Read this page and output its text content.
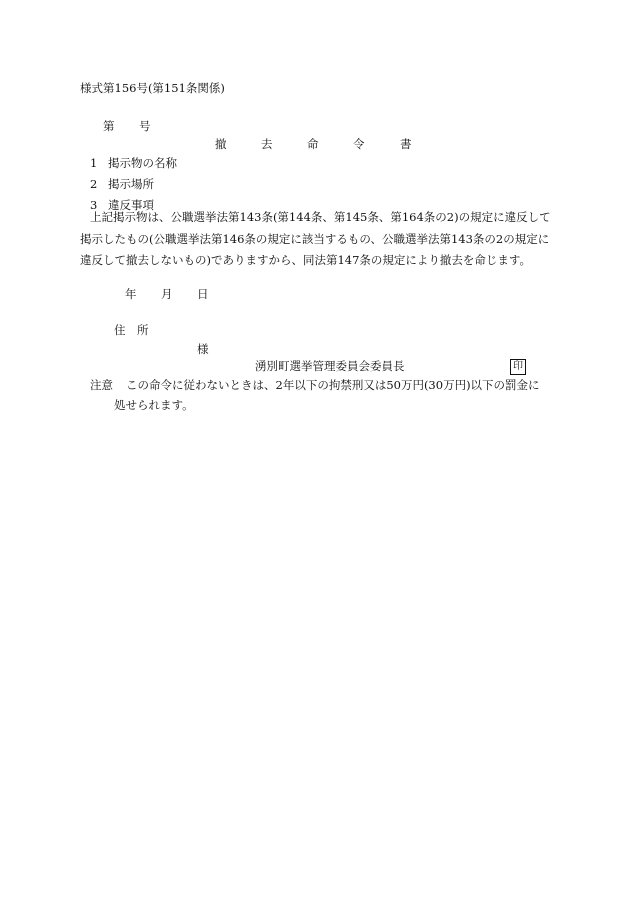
様式第156号(第151条関係)
第 号
撤	去	命	令	書
1 掲示物の名称
2 掲示場所
3 違反事項
上記掲示物は、公職選挙法第143条(第144条、第145条、第164条の2)の規定に違反して
掲示したもの(公職選挙法第146条の規定に該当するもの、公職選挙法第143条の2の規定に
違反して撤去しないもの)でありますから、同法第147条の規定により撤去を命じます。
年 月 日
住 所
様
湧別町選挙管理委員会委員長	印
注意 この命令に従わないときは、2年以下の拘禁刑又は50万円(30万円)以下の罰金に
処せられます。
